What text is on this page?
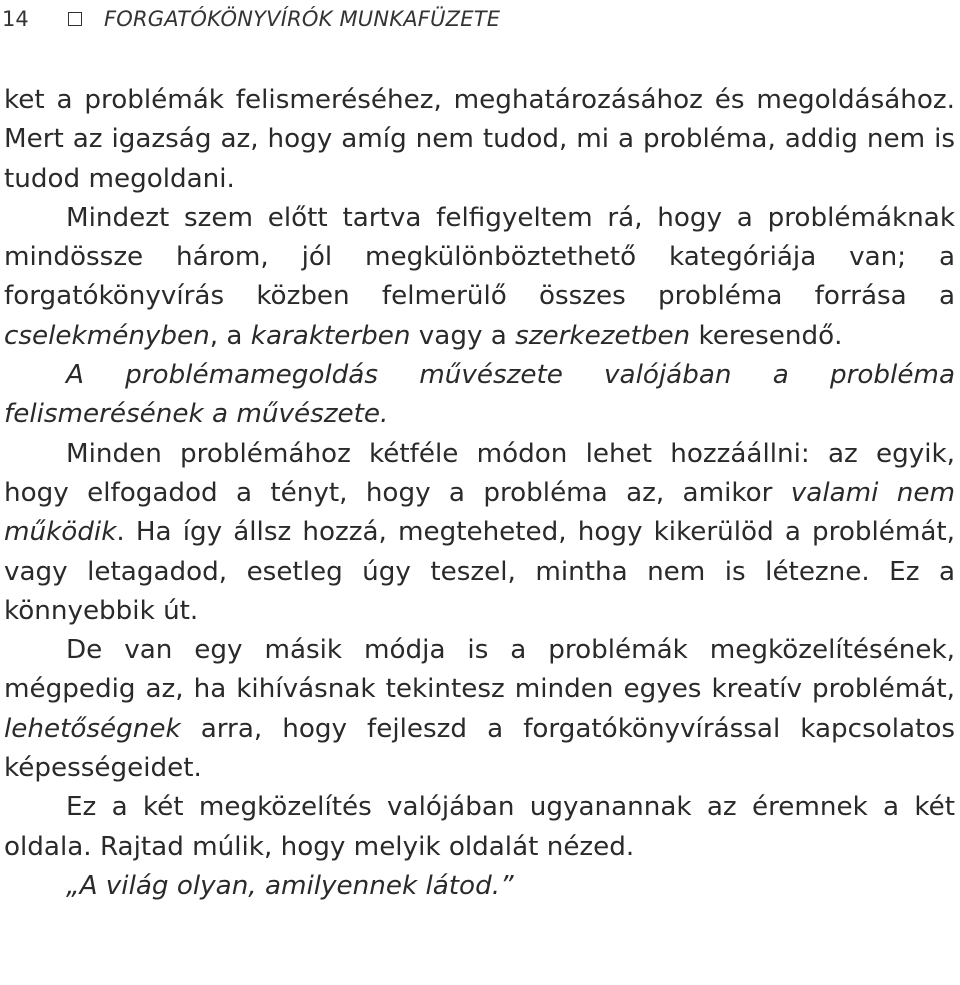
14	FORGATÓKÖNYVÍRÓK MUNKAFÜZETE

ket a problémák felismeréséhez, meghatározásához és megoldásához. Mert az igazság az, hogy amíg nem tudod, mi a probléma, addig nem is tudod megoldani.

Mindezt szem előtt tartva felfigyeltem rá, hogy a problémáknak mindössze három, jól megkülönböztethető kategóriája van; a forgatókönyvírás közben felmerülő összes probléma forrása a cselekményben, a karakterben vagy a szerkezetben keresendő.

A problémamegoldás művészete valójában a probléma felismerésének a művészete.

Minden problémához kétféle módon lehet hozzáállni: az egyik, hogy elfogadod a tényt, hogy a probléma az, amikor valami nem működik. Ha így állsz hozzá, megteheted, hogy kikerülöd a problémát, vagy letagadod, esetleg úgy teszel, mintha nem is létezne. Ez a könnyebbik út.

De van egy másik módja is a problémák megközelítésének, mégpedig az, ha kihívásnak tekintesz minden egyes kreatív problémát, lehetőségnek arra, hogy fejleszd a forgatókönyvírással kapcsolatos képességeidet.

Ez a két megközelítés valójában ugyanannak az éremnek a két oldala. Rajtad múlik, hogy melyik oldalát nézed.

„A világ olyan, amilyennek látod.”
